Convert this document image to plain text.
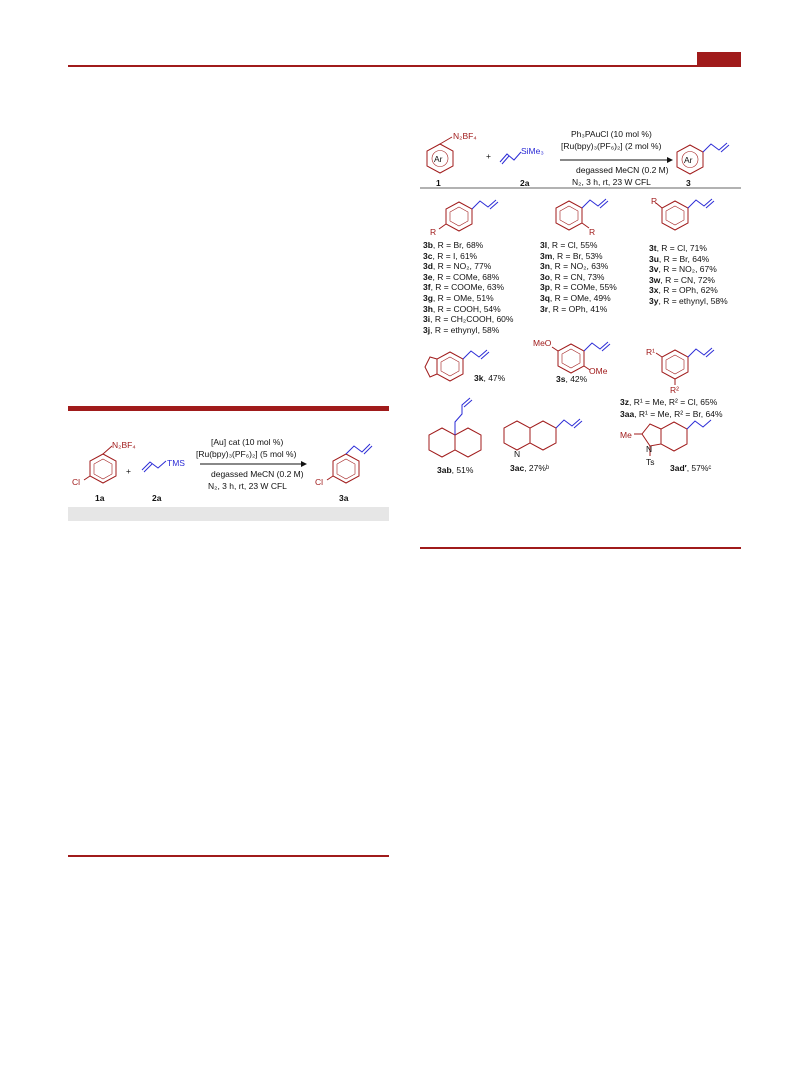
N₂BF₄
Cl
+
TMS
[Au] cat (10 mol %)
[Ru(bpy)₃(PF₆)₂] (5 mol %)
degassed MeCN (0.2 M)
N₂, 3 h, rt, 23 W CFL	Cl
1a	2a	3a
Ar
N₂BF₄
+	SiMe₃
Ph₃PAuCl (10 mol %)
[Ru(bpy)₃(PF₆)₂] (2 mol %)
degassed MeCN (0.2 M)
N₂, 3 h, rt, 23 W CFL
Ar
1	2a	3
R	R
R
3b, R = Br, 68%
3c, R = I, 61%
3d, R = NO₂, 77%
3e, R = COMe, 68%
3f, R = COOMe, 63%
3g, R = OMe, 51%
3h, R = COOH, 54%
3i, R = CH₂COOH, 60%
3j, R = ethynyl, 58%
3l, R = Cl, 55%
3m, R = Br, 53%
3n, R = NO₂, 63%
3o, R = CN, 73%
3p, R = COMe, 55%
3q, R = OMe, 49%
3r, R = OPh, 41%
3t, R = Cl, 71%
3u, R = Br, 64%
3v, R = NO₂, 67%
3w, R = CN, 72%
3x, R = OPh, 62%
3y, R = ethynyl, 58%
3k, 47%
MeO
OMe
3s, 42%
R¹
R²
3z, R¹ = Me, R² = Cl, 65%
3aa, R¹ = Me, R² = Br, 64%
3ab, 51%
N
3ac, 27%ᵇ
Me
N
Ts
3ad′, 57%ᶜ
